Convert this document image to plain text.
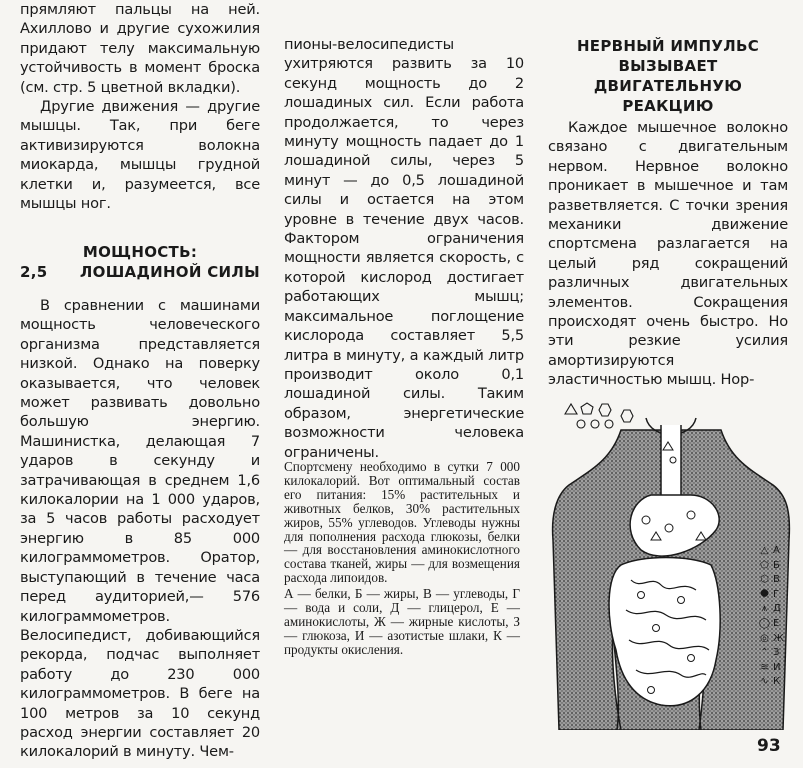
прямляют пальцы на ней. Ахиллово и другие сухожилия придают телу максимальную устойчивость в момент броска (см. стр. 5 цветной вкладки).

Другие движения — другие мышцы. Так, при беге активизируются волокна миокарда, мышцы грудной клетки и, разумеется, все мышцы ног.

МОЩНОСТЬ:
2,5 ЛОШАДИНОЙ СИЛЫ

В сравнении с машинами мощность человеческого организма представляется низкой. Однако на поверку оказывается, что человек может развивать довольно большую энергию. Машинистка, делающая 7 ударов в секунду и затрачивающая в среднем 1,6 килокалории на 1 000 ударов, за 5 часов работы расходует энергию в 85 000 килограммометров. Оратор, выступающий в течение часа перед аудиторией,— 576 килограммометров. Велосипедист, добивающийся рекорда, подчас выполняет работу до 230 000 килограммометров. В беге на 100 метров за 10 секунд расход энергии составляет 20 килокалорий в минуту. Чем-

пионы-велосипедисты ухитряются развить за 10 секунд мощность до 2 лошадиных сил. Если работа продолжается, то через минуту мощность падает до 1 лошадиной силы, через 5 минут — до 0,5 лошадиной силы и остается на этом уровне в течение двух часов. Фактором ограничения мощности является скорость, с которой кислород достигает работающих мышц; максимальное поглощение кислорода составляет 5,5 литра в минуту, а каждый литр производит около 0,1 лошадиной силы. Таким образом, энергетические возможности человека ограничены.

Спортсмену необходимо в сутки 7 000 килокалорий. Вот оптимальный состав его питания: 15% растительных и животных белков, 30% растительных жиров, 55% углеводов. Углеводы нужны для пополнения расхода глюкозы, белки — для восстановления аминокислотного состава тканей, жиры — для возмещения расхода липоидов.

А — белки, Б — жиры, В — углеводы, Г — вода и соли, Д — глицерол, Е — аминокислоты, Ж — жирные кислоты, З — глюкоза, И — азотистые шлаки, К — продукты окисления.

НЕРВНЫЙ ИМПУЛЬС
ВЫЗЫВАЕТ ДВИГАТЕЛЬНУЮ
РЕАКЦИЮ

Каждое мышечное волокно связано с двигательным нервом. Нервное волокно проникает в мышечное и там разветвляется. С точки зрения механики движение спортсмена разлагается на целый ряд сокращений различных двигательных элементов. Сокращения происходят очень быстро. Но эти резкие усилия амортизируются эластичностью мышц. Нор-

△ А
⬠ Б
⬡ В
⯃ Г
⩚ Д
◯ Е
◎ Ж
⌃ З
≋ И
∿ К
93
